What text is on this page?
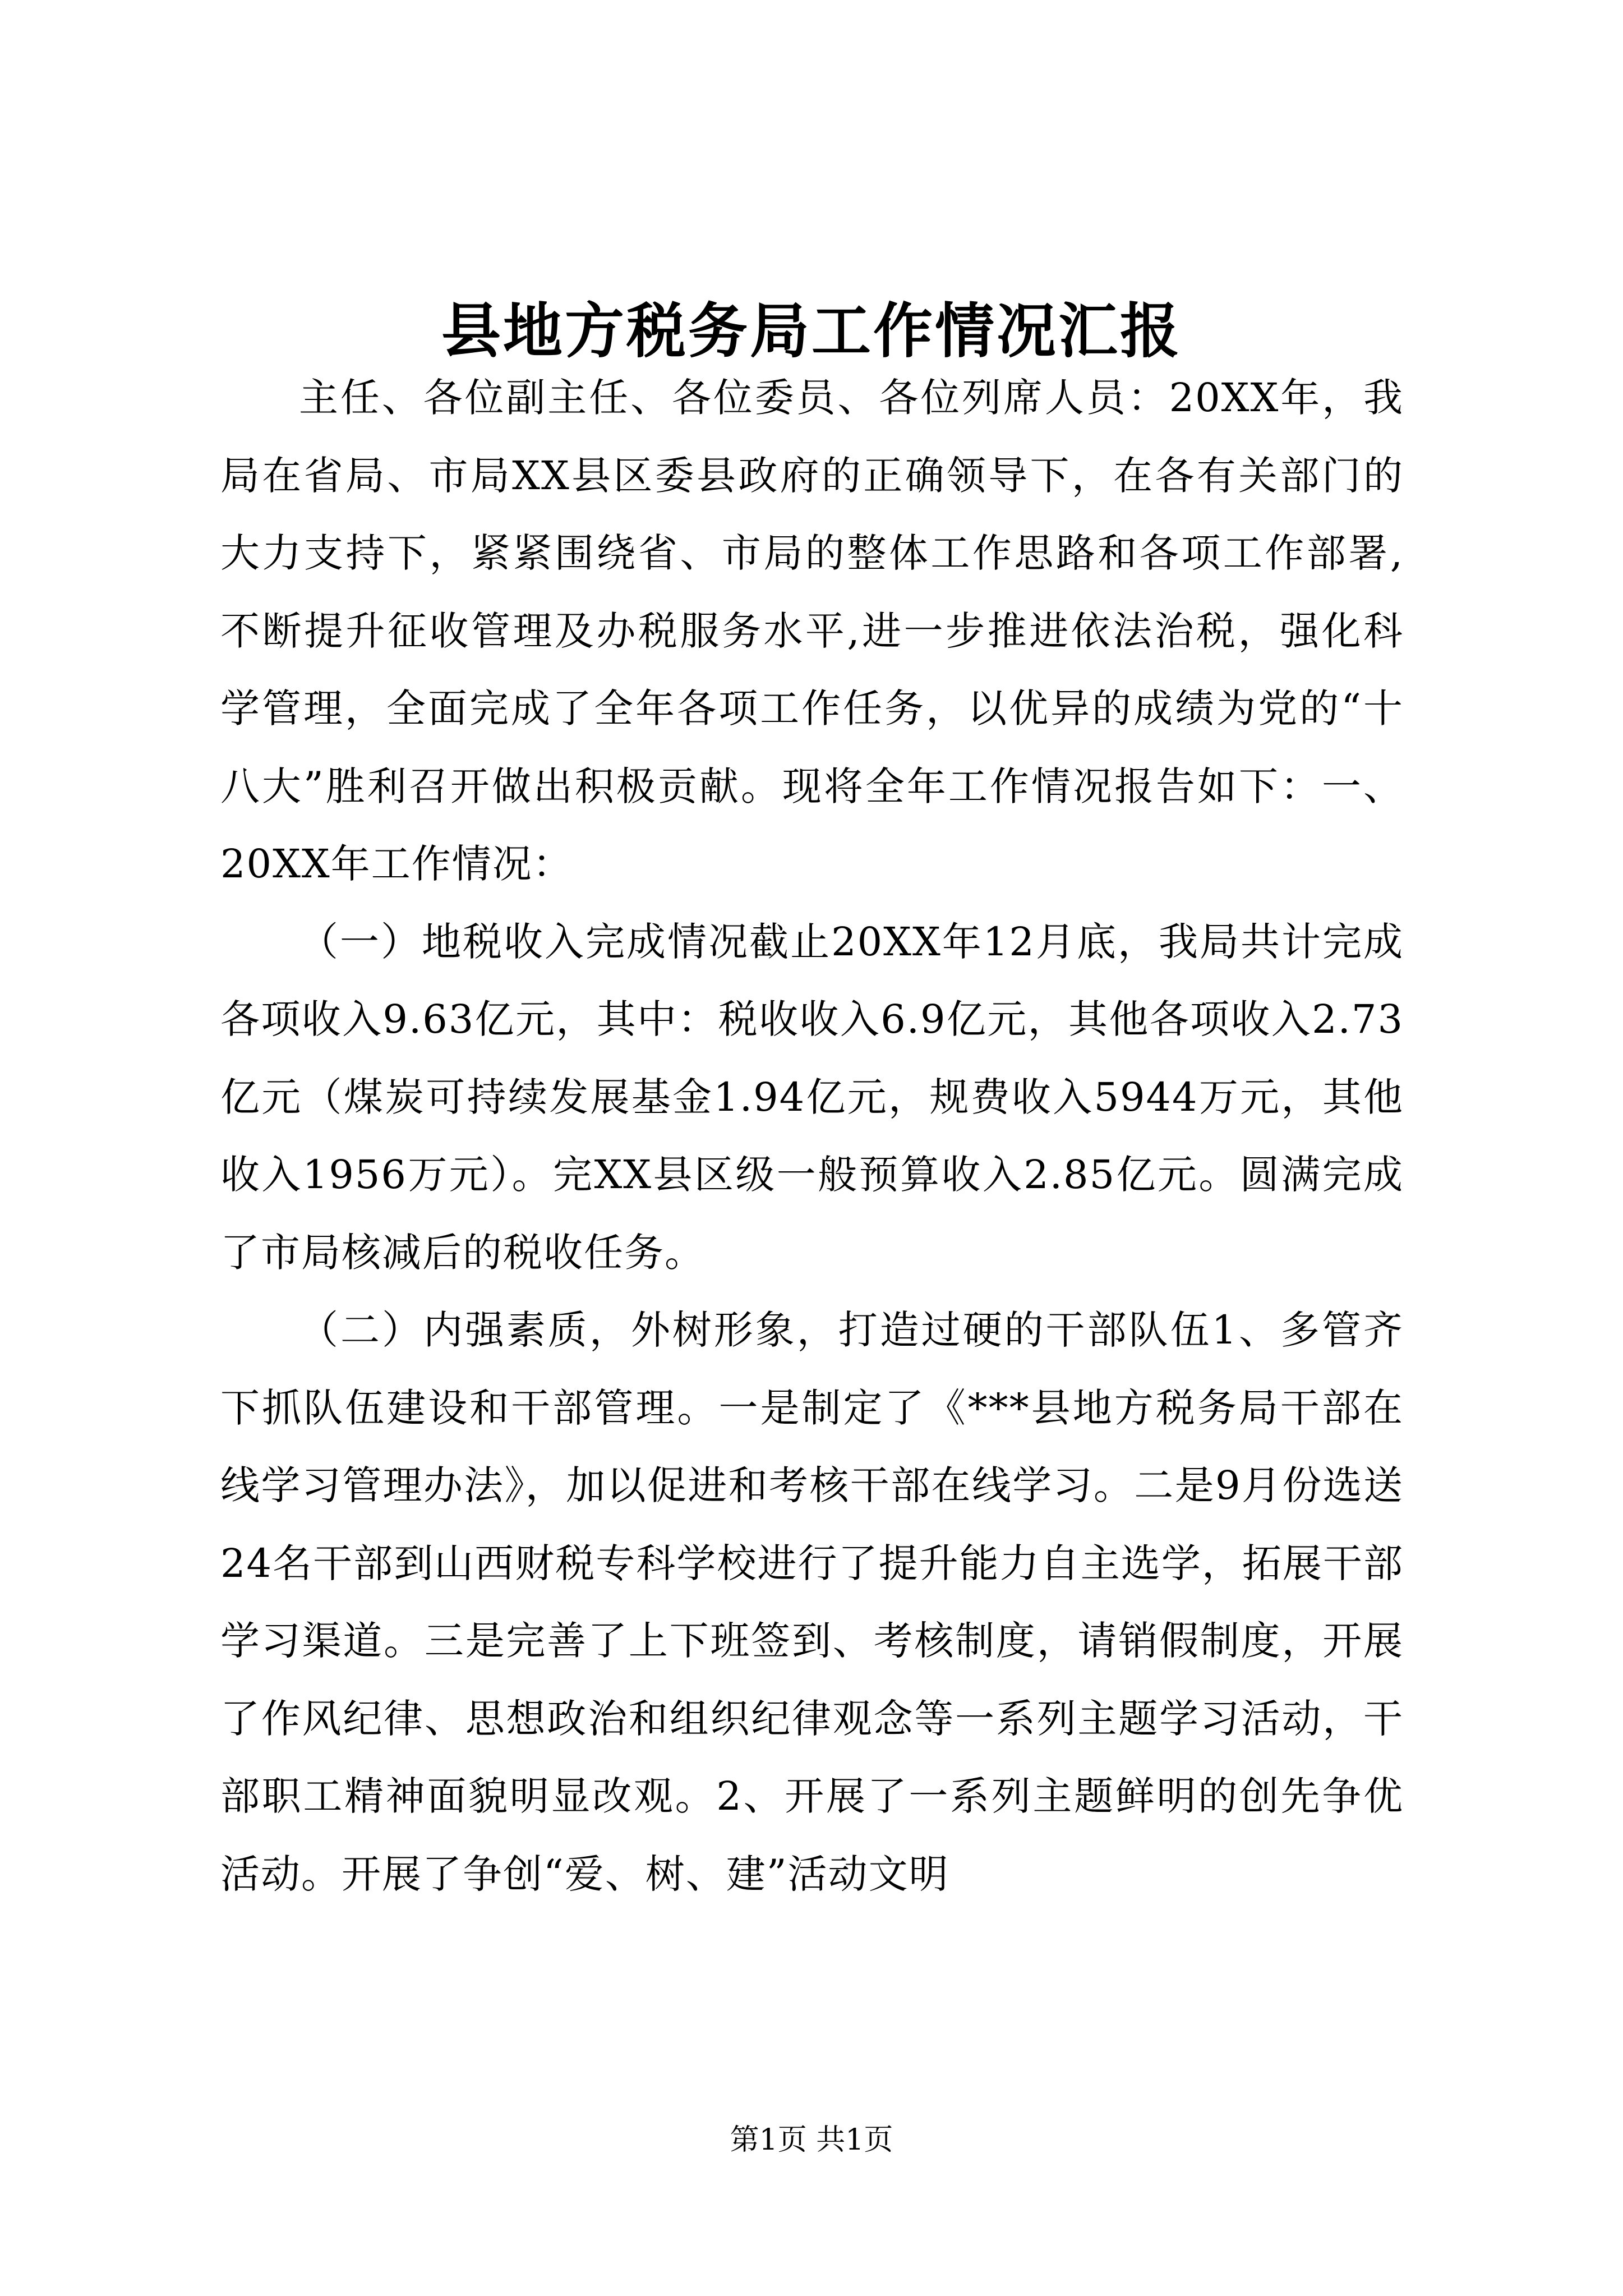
县地方税务局工作情况汇报

主任、各位副主任、各位委员、各位列席人员：20XX年，我局在省局、市局XX县区委县政府的正确领导下，在各有关部门的大力支持下，紧紧围绕省、市局的整体工作思路和各项工作部署,不断提升征收管理及办税服务水平,进一步推进依法治税，强化科学管理，全面完成了全年各项工作任务，以优异的成绩为党的“十八大”胜利召开做出积极贡献。现将全年工作情况报告如下：一、20XX年工作情况：

（一）地税收入完成情况截止20XX年12月底，我局共计完成各项收入9.63亿元，其中：税收收入6.9亿元，其他各项收入2.73亿元（煤炭可持续发展基金1.94亿元，规费收入5944万元，其他收入1956万元）。完XX县区级一般预算收入2.85亿元。圆满完成了市局核减后的税收任务。

（二）内强素质，外树形象，打造过硬的干部队伍1、多管齐下抓队伍建设和干部管理。一是制定了《***县地方税务局干部在线学习管理办法》，加以促进和考核干部在线学习。二是9月份选送24名干部到山西财税专科学校进行了提升能力自主选学，拓展干部学习渠道。三是完善了上下班签到、考核制度，请销假制度，开展了作风纪律、思想政治和组织纪律观念等一系列主题学习活动，干部职工精神面貌明显改观。2、开展了一系列主题鲜明的创先争优活动。开展了争创“爱、树、建”活动文明

第1页 共1页
